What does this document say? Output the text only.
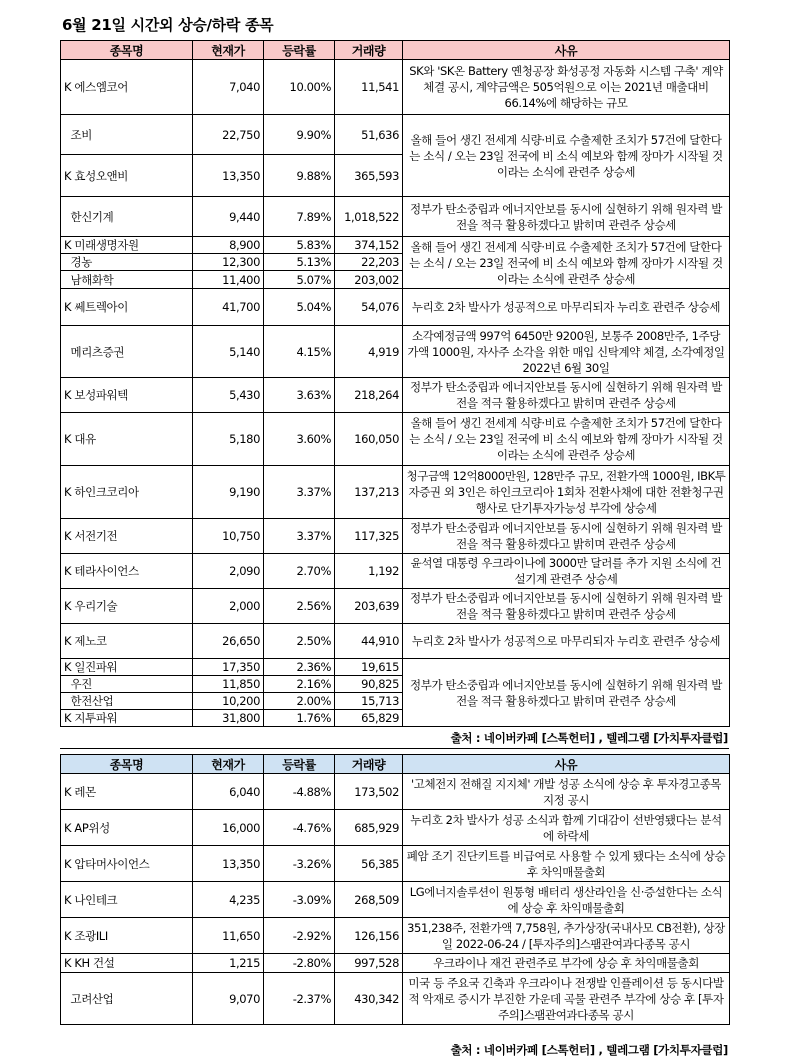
6월 21일 시간외 상승/하락 종목
종목명	현재가	등락률	거래량	사유
K 에스엠코어	7,040	10.00%	11,541	SK와 'SK온 Battery 옌청공장 화성공정 자동화 시스템 구축' 계약 체결 공시, 계약금액은 505억원으로 이는 2021년 매출대비 66.14%에 해당하는 규모
조비	22,750	9.90%	51,636	올해 들어 생긴 전세계 식량·비료 수출제한 조치가 57건에 달한다는 소식 / 오는 23일 전국에 비 소식 예보와 함께 장마가 시작될 것이라는 소식에 관련주 상승세
K 효성오앤비	13,350	9.88%	365,593	
한신기계	9,440	7.89%	1,018,522	정부가 탄소중립과 에너지안보를 동시에 실현하기 위해 원자력 발전을 적극 활용하겠다고 밝히며 관련주 상승세
K 미래생명자원	8,900	5.83%	374,152	올해 들어 생긴 전세계 식량·비료 수출제한 조치가 57건에 달한다는 소식 / 오는 23일 전국에 비 소식 예보와 함께 장마가 시작될 것이라는 소식에 관련주 상승세
경농	12,300	5.13%	22,203	
남해화학	11,400	5.07%	203,002	
K 쎄트렉아이	41,700	5.04%	54,076	누리호 2차 발사가 성공적으로 마무리되자 누리호 관련주 상승세
메리츠증권	5,140	4.15%	4,919	소각예정금액 997억 6450만 9200원, 보통주 2008만주, 1주당 가액 1000원, 자사주 소각을 위한 매입 신탁계약 체결, 소각예정일 2022년 6월 30일
K 보성파워텍	5,430	3.63%	218,264	정부가 탄소중립과 에너지안보를 동시에 실현하기 위해 원자력 발전을 적극 활용하겠다고 밝히며 관련주 상승세
K 대유	5,180	3.60%	160,050	올해 들어 생긴 전세계 식량·비료 수출제한 조치가 57건에 달한다는 소식 / 오는 23일 전국에 비 소식 예보와 함께 장마가 시작될 것이라는 소식에 관련주 상승세
K 하인크코리아	9,190	3.37%	137,213	청구금액 12억8000만원, 128만주 규모, 전환가액 1000원, IBK투자증권 외 3인은 하인크코리아 1회차 전환사채에 대한 전환청구권 행사로 단기투자가능성 부각에 상승세
K 서전기전	10,750	3.37%	117,325	정부가 탄소중립과 에너지안보를 동시에 실현하기 위해 원자력 발전을 적극 활용하겠다고 밝히며 관련주 상승세
K 테라사이언스	2,090	2.70%	1,192	윤석열 대통령 우크라이나에 3000만 달러를 추가 지원 소식에 건설기계 관련주 상승세
K 우리기술	2,000	2.56%	203,639	정부가 탄소중립과 에너지안보를 동시에 실현하기 위해 원자력 발전을 적극 활용하겠다고 밝히며 관련주 상승세
K 제노코	26,650	2.50%	44,910	누리호 2차 발사가 성공적으로 마무리되자 누리호 관련주 상승세
K 일진파워	17,350	2.36%	19,615	정부가 탄소중립과 에너지안보를 동시에 실현하기 위해 원자력 발전을 적극 활용하겠다고 밝히며 관련주 상승세
우진	11,850	2.16%	90,825	
한전산업	10,200	2.00%	15,713	
K 지투파워	31,800	1.76%	65,829	
출처 : 네이버카페 [스톡헌터] , 텔레그램 [가치투자클럽]
종목명	현재가	등락률	거래량	사유
K 레몬	6,040	-4.88%	173,502	'고체전지 전해질 지지체' 개발 성공 소식에 상승 후 투자경고종목지정 공시
K AP위성	16,000	-4.76%	685,929	누리호 2차 발사가 성공 소식과 함께 기대감이 선반영됐다는 분석에 하락세
K 압타머사이언스	13,350	-3.26%	56,385	폐암 조기 진단키트를 비급여로 사용할 수 있게 됐다는 소식에 상승 후 차익매물출회
K 나인테크	4,235	-3.09%	268,509	LG에너지솔루션이 원통형 배터리 생산라인을 신·증설한다는 소식에 상승 후 차익매물출회
K 조광ILI	11,650	-2.92%	126,156	351,238주, 전환가액 7,758원, 추가상장(국내사모 CB전환), 상장일 2022-06-24 / [투자주의]스팸관여과다종목 공시
K KH 건설	1,215	-2.80%	997,528	우크라이나 재건 관련주로 부각에 상승 후 차익매물출회
고려산업	9,070	-2.37%	430,342	미국 등 주요국 긴축과 우크라이나 전쟁발 인플레이션 등 동시다발적 악재로 증시가 부진한 가운데 곡물 관련주 부각에 상승 후 [투자주의]스팸관여과다종목 공시
출처 : 네이버카페 [스톡헌터] , 텔레그램 [가치투자클럽]
